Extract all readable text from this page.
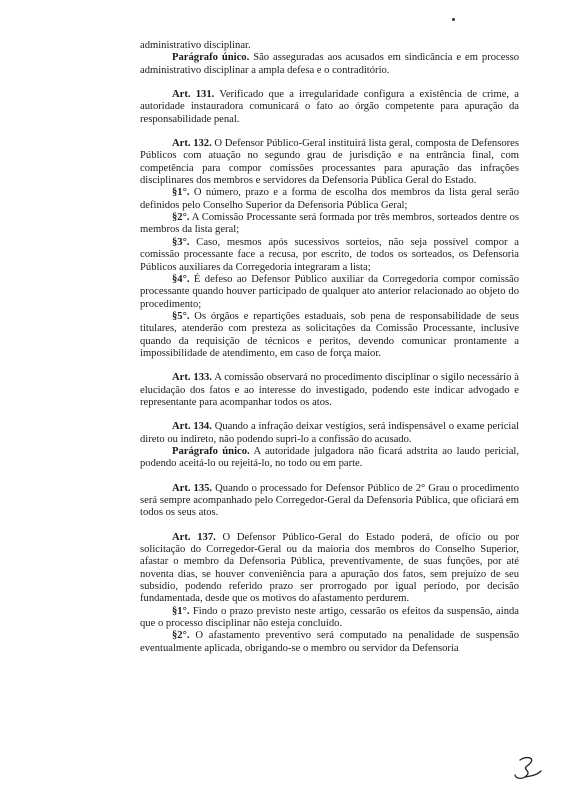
administrativo disciplinar.

Parágrafo único. São asseguradas aos acusados em sindicância e em processo administrativo disciplinar a ampla defesa e o contraditório.

Art. 131. Verificado que a irregularidade configura a existência de crime, a autoridade instauradora comunicará o fato ao órgão competente para apuração da responsabilidade penal.

Art. 132. O Defensor Público-Geral instituirá lista geral, composta de Defensores Públicos com atuação no segundo grau de jurisdição e na entrância final, com competência para compor comissões processantes para apuração das infrações disciplinares dos membros e servidores da Defensoria Pública Geral do Estado.

§1°. O número, prazo e a forma de escolha dos membros da lista geral serão definidos pelo Conselho Superior da Defensoria Pública Geral;

§2°. A Comissão Processante será formada por três membros, sorteados dentre os membros da lista geral;

§3°. Caso, mesmos após sucessivos sorteios, não seja possível compor a comissão processante face a recusa, por escrito, de todos os sorteados, os Defensoria Públicos auxiliares da Corregedoria integraram a lista;

§4°. É defeso ao Defensor Público auxiliar da Corregedoria compor comissão processante quando houver participado de qualquer ato anterior relacionado ao objeto do procedimento;

§5°. Os órgãos e repartições estaduais, sob pena de responsabilidade de seus titulares, atenderão com presteza as solicitações da Comissão Processante, inclusive quando da requisição de técnicos e peritos, devendo comunicar prontamente a impossibilidade de atendimento, em caso de força maior.

Art. 133. A comissão observará no procedimento disciplinar o sigilo necessário à elucidação dos fatos e ao interesse do investigado, podendo este indicar advogado e representante para acompanhar todos os atos.

Art. 134. Quando a infração deixar vestígios, será indispensável o exame pericial direto ou indireto, não podendo supri-lo a confissão do acusado.

Parágrafo único. A autoridade julgadora não ficará adstrita ao laudo pericial, podendo aceitá-lo ou rejeitá-lo, no todo ou em parte.

Art. 135. Quando o processado for Defensor Público de 2° Grau o procedimento será sempre acompanhado pelo Corregedor-Geral da Defensoria Pública, que oficiará em todos os seus atos.

Art. 137. O Defensor Público-Geral do Estado poderá, de ofício ou por solicitação do Corregedor-Geral ou da maioria dos membros do Conselho Superior, afastar o membro da Defensoria Pública, preventivamente, de suas funções, por até noventa dias, se houver conveniência para a apuração dos fatos, sem prejuízo de seu subsídio, podendo referido prazo ser prorrogado por igual período, por decisão fundamentada, desde que os motivos do afastamento perdurem.

§1°. Findo o prazo previsto neste artigo, cessarão os efeitos da suspensão, ainda que o processo disciplinar não esteja concluído.

§2°. O afastamento preventivo será computado na penalidade de suspensão eventualmente aplicada, obrigando-se o membro ou servidor da Defensoria
